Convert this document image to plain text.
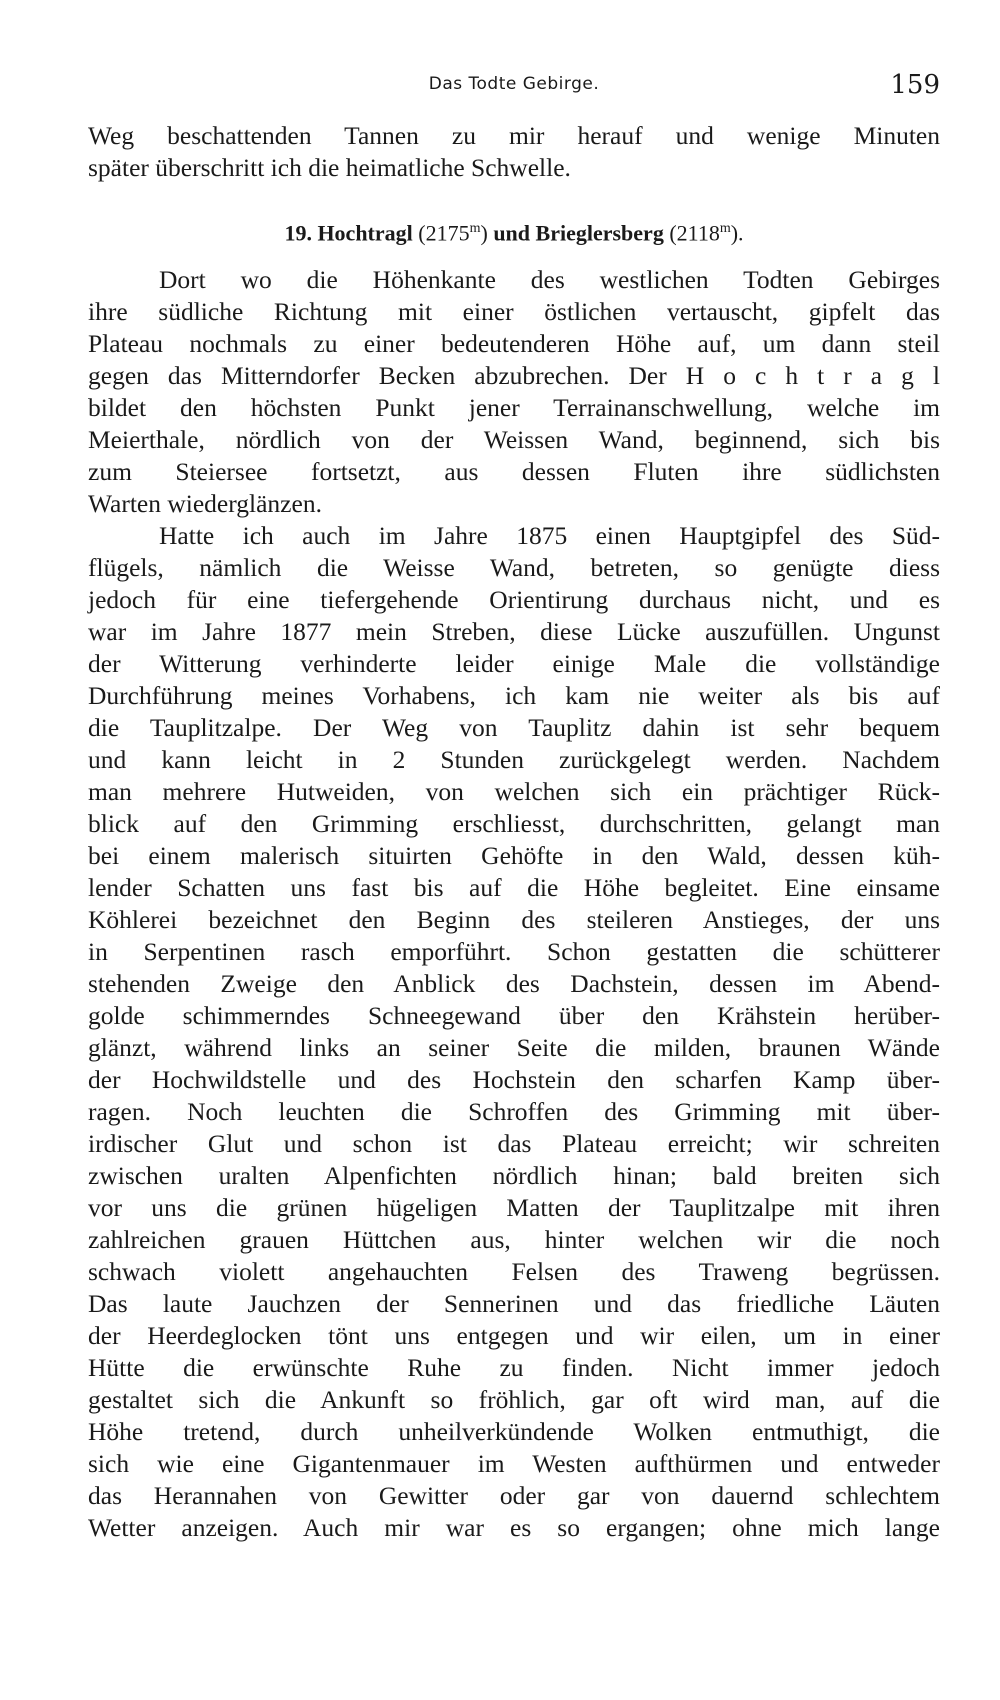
Das Todte Gebirge.	159
Weg beschattenden Tannen zu mir herauf und wenige Minuten
später überschritt ich die heimatliche Schwelle.
19. Hochtragl (2175$^m$) und Brieglersberg (2118$^m$).
Dort wo die Höhenkante des westlichen Todten Gebirges
ihre südliche Richtung mit einer östlichen vertauscht, gipfelt das
Plateau nochmals zu einer bedeutenderen Höhe auf, um dann steil
gegen das Mitterndorfer Becken abzubrechen. Der H o c h t r a g l
bildet den höchsten Punkt jener Terrainanschwellung, welche im
Meierthale, nördlich von der Weissen Wand, beginnend, sich bis
zum Steiersee fortsetzt, aus dessen Fluten ihre südlichsten
Warten wiederglänzen.
Hatte ich auch im Jahre 1875 einen Hauptgipfel des Süd-
flügels, nämlich die Weisse Wand, betreten, so genügte diess
jedoch für eine tiefergehende Orientirung durchaus nicht, und es
war im Jahre 1877 mein Streben, diese Lücke auszufüllen. Ungunst
der Witterung verhinderte leider einige Male die vollständige
Durchführung meines Vorhabens, ich kam nie weiter als bis auf
die Tauplitzalpe. Der Weg von Tauplitz dahin ist sehr bequem
und kann leicht in 2 Stunden zurückgelegt werden. Nachdem
man mehrere Hutweiden, von welchen sich ein prächtiger Rück-
blick auf den Grimming erschliesst, durchschritten, gelangt man
bei einem malerisch situirten Gehöfte in den Wald, dessen küh-
lender Schatten uns fast bis auf die Höhe begleitet. Eine einsame
Köhlerei bezeichnet den Beginn des steileren Anstieges, der uns
in Serpentinen rasch emporführt. Schon gestatten die schütterer
stehenden Zweige den Anblick des Dachstein, dessen im Abend-
golde schimmerndes Schneegewand über den Krähstein herüber-
glänzt, während links an seiner Seite die milden, braunen Wände
der Hochwildstelle und des Hochstein den scharfen Kamp über-
ragen. Noch leuchten die Schroffen des Grimming mit über-
irdischer Glut und schon ist das Plateau erreicht; wir schreiten
zwischen uralten Alpenfichten nördlich hinan; bald breiten sich
vor uns die grünen hügeligen Matten der Tauplitzalpe mit ihren
zahlreichen grauen Hüttchen aus, hinter welchen wir die noch
schwach violett angehauchten Felsen des Traweng begrüssen.
Das laute Jauchzen der Sennerinen und das friedliche Läuten
der Heerdeglocken tönt uns entgegen und wir eilen, um in einer
Hütte die erwünschte Ruhe zu finden. Nicht immer jedoch
gestaltet sich die Ankunft so fröhlich, gar oft wird man, auf die
Höhe tretend, durch unheilverkündende Wolken entmuthigt, die
sich wie eine Gigantenmauer im Westen aufthürmen und entweder
das Herannahen von Gewitter oder gar von dauernd schlechtem
Wetter anzeigen. Auch mir war es so ergangen; ohne mich lange
